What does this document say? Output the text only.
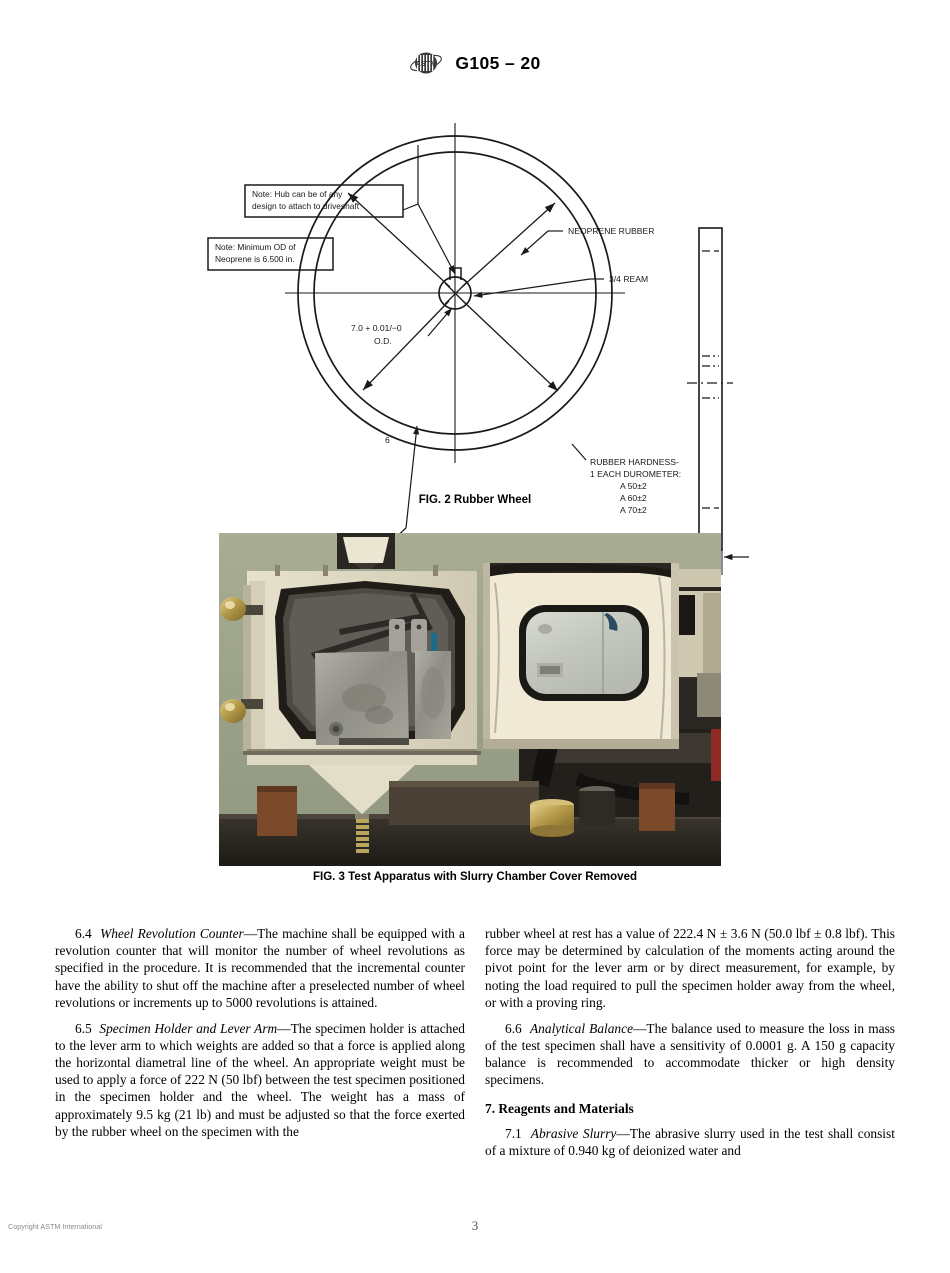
ASTM G105 – 20
Note: Hub can be of any
design to attach to driveshaft
Note: Minimum OD of
Neoprene is 6.500 in.
NEOPRENE RUBBER
3/4 REAM
7.0 + 0.01/−0
O.D.
6
RUBBER HARDNESS-
1 EACH DUROMETER:
A 50±2
A 60±2
A 70±2
FIG. 2 Rubber Wheel
FIG. 3 Test Apparatus with Slurry Chamber Cover Removed

6.4 Wheel Revolution Counter—The machine shall be equipped with a revolution counter that will monitor the number of wheel revolutions as specified in the procedure. It is recommended that the incremental counter have the ability to shut off the machine after a preselected number of wheel revolutions or increments up to 5000 revolutions is attained.

6.5 Specimen Holder and Lever Arm—The specimen holder is attached to the lever arm to which weights are added so that a force is applied along the horizontal diametral line of the wheel. An appropriate weight must be used to apply a force of 222 N (50 lbf) between the test specimen positioned in the specimen holder and the wheel. The weight has a mass of approximately 9.5 kg (21 lb) and must be adjusted so that the force exerted by the rubber wheel on the specimen with the

rubber wheel at rest has a value of 222.4 N ± 3.6 N (50.0 lbf ± 0.8 lbf). This force may be determined by calculation of the moments acting around the pivot point for the lever arm or by direct measurement, for example, by noting the load required to pull the specimen holder away from the wheel, or with a proving ring.

6.6 Analytical Balance—The balance used to measure the loss in mass of the test specimen shall have a sensitivity of 0.0001 g. A 150 g capacity balance is recommended to accommodate thicker or high density specimens.

7. Reagents and Materials

7.1 Abrasive Slurry—The abrasive slurry used in the test shall consist of a mixture of 0.940 kg of deionized water and

Copyright ASTM International	3
